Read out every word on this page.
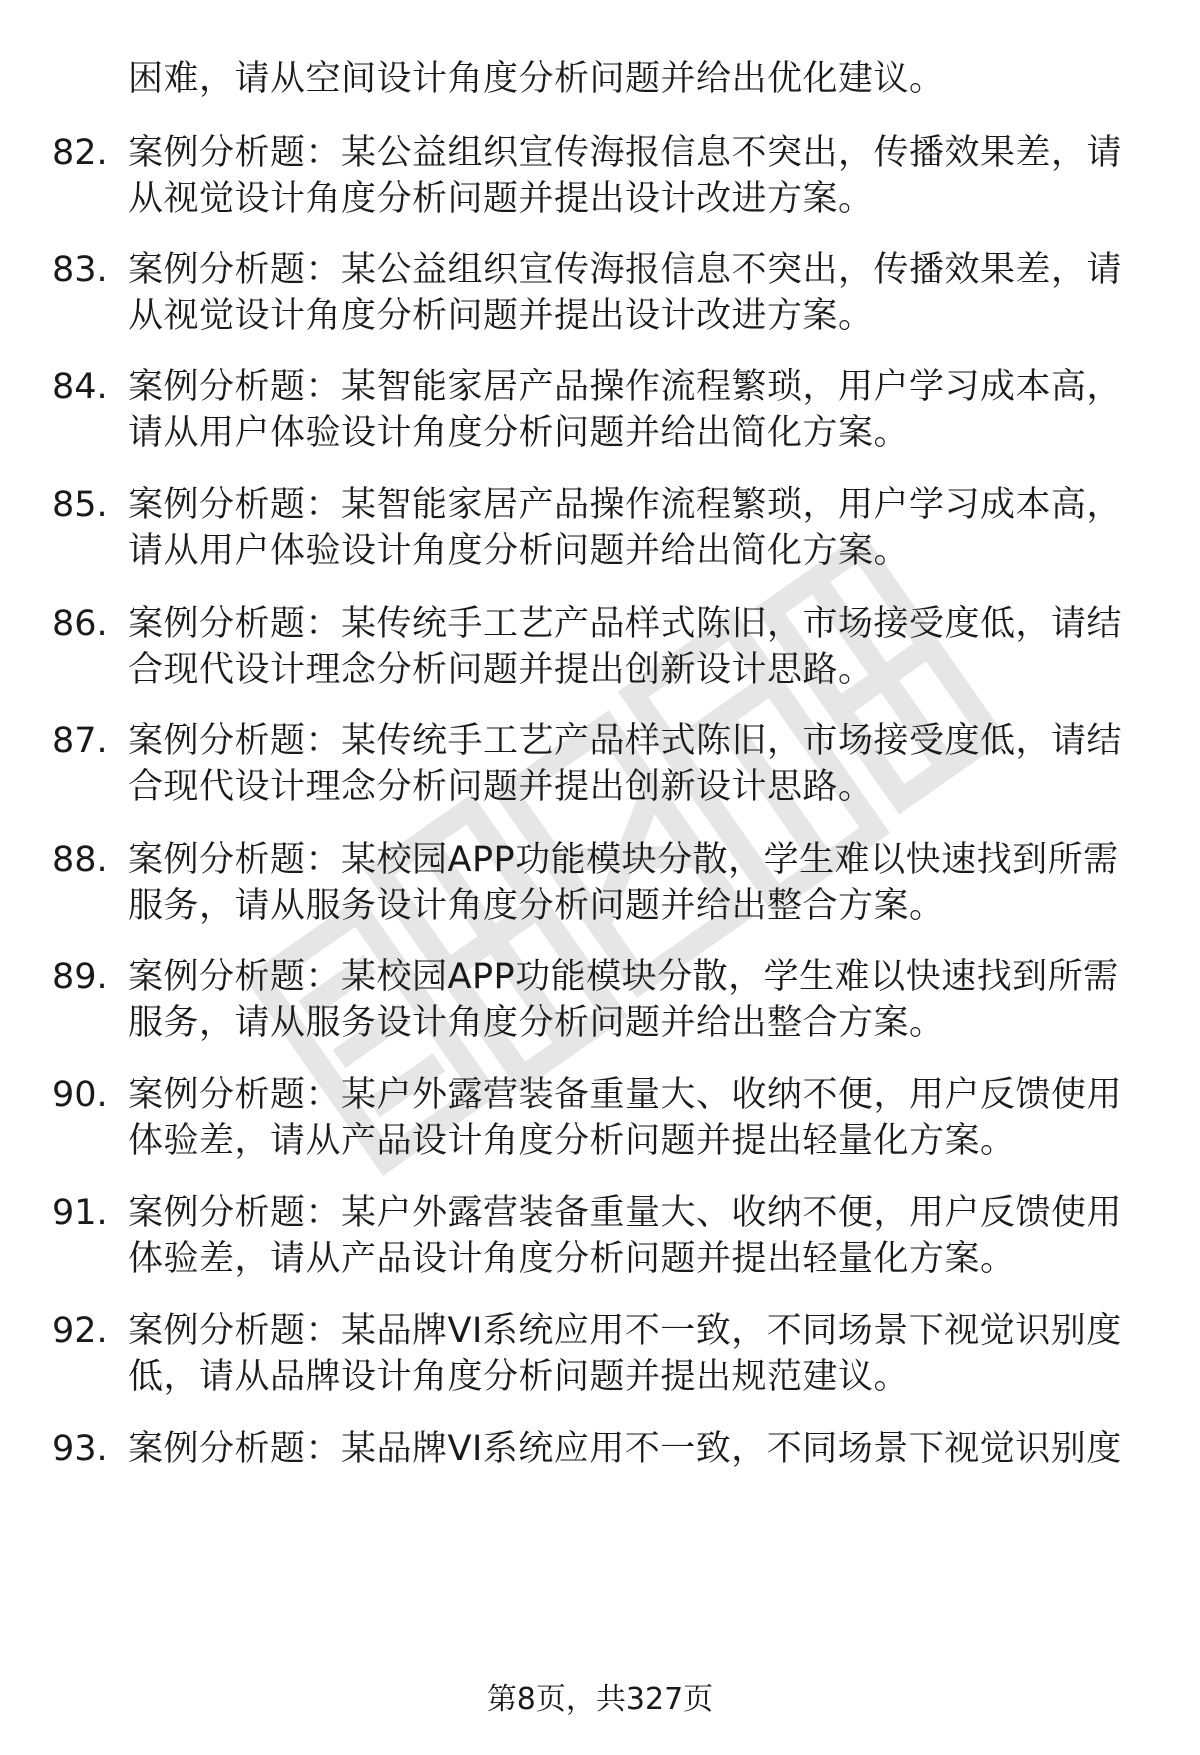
困难，请从空间设计角度分析问题并给出优化建议。
82. 案例分析题：某公益组织宣传海报信息不突出，传播效果差，请
从视觉设计角度分析问题并提出设计改进方案。
83. 案例分析题：某公益组织宣传海报信息不突出，传播效果差，请
从视觉设计角度分析问题并提出设计改进方案。
84. 案例分析题：某智能家居产品操作流程繁琐，用户学习成本高，
请从用户体验设计角度分析问题并给出简化方案。
85. 案例分析题：某智能家居产品操作流程繁琐，用户学习成本高，
请从用户体验设计角度分析问题并给出简化方案。
86. 案例分析题：某传统手工艺产品样式陈旧，市场接受度低，请结
合现代设计理念分析问题并提出创新设计思路。
87. 案例分析题：某传统手工艺产品样式陈旧，市场接受度低，请结
合现代设计理念分析问题并提出创新设计思路。
88. 案例分析题：某校园APP功能模块分散，学生难以快速找到所需
服务，请从服务设计角度分析问题并给出整合方案。
89. 案例分析题：某校园APP功能模块分散，学生难以快速找到所需
服务，请从服务设计角度分析问题并给出整合方案。
90. 案例分析题：某户外露营装备重量大、收纳不便，用户反馈使用
体验差，请从产品设计角度分析问题并提出轻量化方案。
91. 案例分析题：某户外露营装备重量大、收纳不便，用户反馈使用
体验差，请从产品设计角度分析问题并提出轻量化方案。
92. 案例分析题：某品牌VI系统应用不一致，不同场景下视觉识别度
低，请从品牌设计角度分析问题并提出规范建议。
93. 案例分析题：某品牌VI系统应用不一致，不同场景下视觉识别度
第8页，共327页
